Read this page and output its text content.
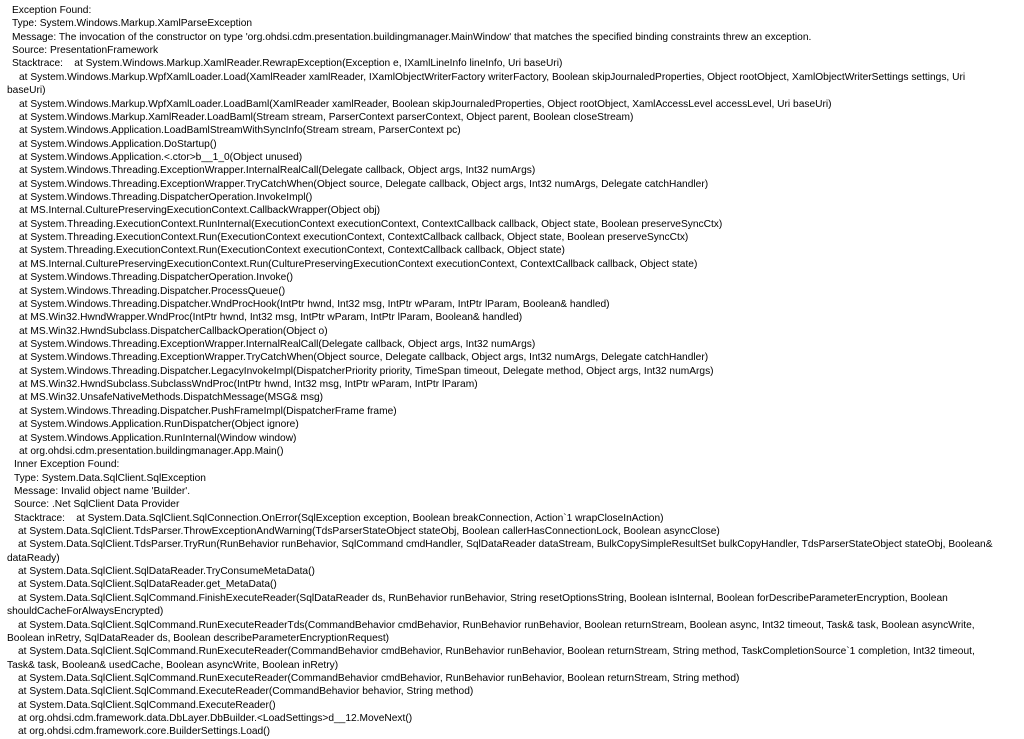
Exception Found:
Type: System.Windows.Markup.XamlParseException
Message: The invocation of the constructor on type 'org.ohdsi.cdm.presentation.buildingmanager.MainWindow' that matches the specified binding constraints threw an exception.
Source: PresentationFramework
Stacktrace:    at System.Windows.Markup.XamlReader.RewrapException(Exception e, IXamlLineInfo lineInfo, Uri baseUri)
at System.Windows.Markup.WpfXamlLoader.Load(XamlReader xamlReader, IXamlObjectWriterFactory writerFactory, Boolean skipJournaledProperties, Object rootObject, XamlObjectWriterSettings settings, Uri
baseUri)
at System.Windows.Markup.WpfXamlLoader.LoadBaml(XamlReader xamlReader, Boolean skipJournaledProperties, Object rootObject, XamlAccessLevel accessLevel, Uri baseUri)
at System.Windows.Markup.XamlReader.LoadBaml(Stream stream, ParserContext parserContext, Object parent, Boolean closeStream)
at System.Windows.Application.LoadBamlStreamWithSyncInfo(Stream stream, ParserContext pc)
at System.Windows.Application.DoStartup()
at System.Windows.Application.<.ctor>b__1_0(Object unused)
at System.Windows.Threading.ExceptionWrapper.InternalRealCall(Delegate callback, Object args, Int32 numArgs)
at System.Windows.Threading.ExceptionWrapper.TryCatchWhen(Object source, Delegate callback, Object args, Int32 numArgs, Delegate catchHandler)
at System.Windows.Threading.DispatcherOperation.InvokeImpl()
at MS.Internal.CulturePreservingExecutionContext.CallbackWrapper(Object obj)
at System.Threading.ExecutionContext.RunInternal(ExecutionContext executionContext, ContextCallback callback, Object state, Boolean preserveSyncCtx)
at System.Threading.ExecutionContext.Run(ExecutionContext executionContext, ContextCallback callback, Object state, Boolean preserveSyncCtx)
at System.Threading.ExecutionContext.Run(ExecutionContext executionContext, ContextCallback callback, Object state)
at MS.Internal.CulturePreservingExecutionContext.Run(CulturePreservingExecutionContext executionContext, ContextCallback callback, Object state)
at System.Windows.Threading.DispatcherOperation.Invoke()
at System.Windows.Threading.Dispatcher.ProcessQueue()
at System.Windows.Threading.Dispatcher.WndProcHook(IntPtr hwnd, Int32 msg, IntPtr wParam, IntPtr lParam, Boolean& handled)
at MS.Win32.HwndWrapper.WndProc(IntPtr hwnd, Int32 msg, IntPtr wParam, IntPtr lParam, Boolean& handled)
at MS.Win32.HwndSubclass.DispatcherCallbackOperation(Object o)
at System.Windows.Threading.ExceptionWrapper.InternalRealCall(Delegate callback, Object args, Int32 numArgs)
at System.Windows.Threading.ExceptionWrapper.TryCatchWhen(Object source, Delegate callback, Object args, Int32 numArgs, Delegate catchHandler)
at System.Windows.Threading.Dispatcher.LegacyInvokeImpl(DispatcherPriority priority, TimeSpan timeout, Delegate method, Object args, Int32 numArgs)
at MS.Win32.HwndSubclass.SubclassWndProc(IntPtr hwnd, Int32 msg, IntPtr wParam, IntPtr lParam)
at MS.Win32.UnsafeNativeMethods.DispatchMessage(MSG& msg)
at System.Windows.Threading.Dispatcher.PushFrameImpl(DispatcherFrame frame)
at System.Windows.Application.RunDispatcher(Object ignore)
at System.Windows.Application.RunInternal(Window window)
at org.ohdsi.cdm.presentation.buildingmanager.App.Main()
Inner Exception Found:
Type: System.Data.SqlClient.SqlException
Message: Invalid object name 'Builder'.
Source: .Net SqlClient Data Provider
Stacktrace:    at System.Data.SqlClient.SqlConnection.OnError(SqlException exception, Boolean breakConnection, Action`1 wrapCloseInAction)
at System.Data.SqlClient.TdsParser.ThrowExceptionAndWarning(TdsParserStateObject stateObj, Boolean callerHasConnectionLock, Boolean asyncClose)
at System.Data.SqlClient.TdsParser.TryRun(RunBehavior runBehavior, SqlCommand cmdHandler, SqlDataReader dataStream, BulkCopySimpleResultSet bulkCopyHandler, TdsParserStateObject stateObj, Boolean&
dataReady)
at System.Data.SqlClient.SqlDataReader.TryConsumeMetaData()
at System.Data.SqlClient.SqlDataReader.get_MetaData()
at System.Data.SqlClient.SqlCommand.FinishExecuteReader(SqlDataReader ds, RunBehavior runBehavior, String resetOptionsString, Boolean isInternal, Boolean forDescribeParameterEncryption, Boolean
shouldCacheForAlwaysEncrypted)
at System.Data.SqlClient.SqlCommand.RunExecuteReaderTds(CommandBehavior cmdBehavior, RunBehavior runBehavior, Boolean returnStream, Boolean async, Int32 timeout, Task& task, Boolean asyncWrite,
Boolean inRetry, SqlDataReader ds, Boolean describeParameterEncryptionRequest)
at System.Data.SqlClient.SqlCommand.RunExecuteReader(CommandBehavior cmdBehavior, RunBehavior runBehavior, Boolean returnStream, String method, TaskCompletionSource`1 completion, Int32 timeout,
Task& task, Boolean& usedCache, Boolean asyncWrite, Boolean inRetry)
at System.Data.SqlClient.SqlCommand.RunExecuteReader(CommandBehavior cmdBehavior, RunBehavior runBehavior, Boolean returnStream, String method)
at System.Data.SqlClient.SqlCommand.ExecuteReader(CommandBehavior behavior, String method)
at System.Data.SqlClient.SqlCommand.ExecuteReader()
at org.ohdsi.cdm.framework.data.DbLayer.DbBuilder.<LoadSettings>d__12.MoveNext()
at org.ohdsi.cdm.framework.core.BuilderSettings.Load()
